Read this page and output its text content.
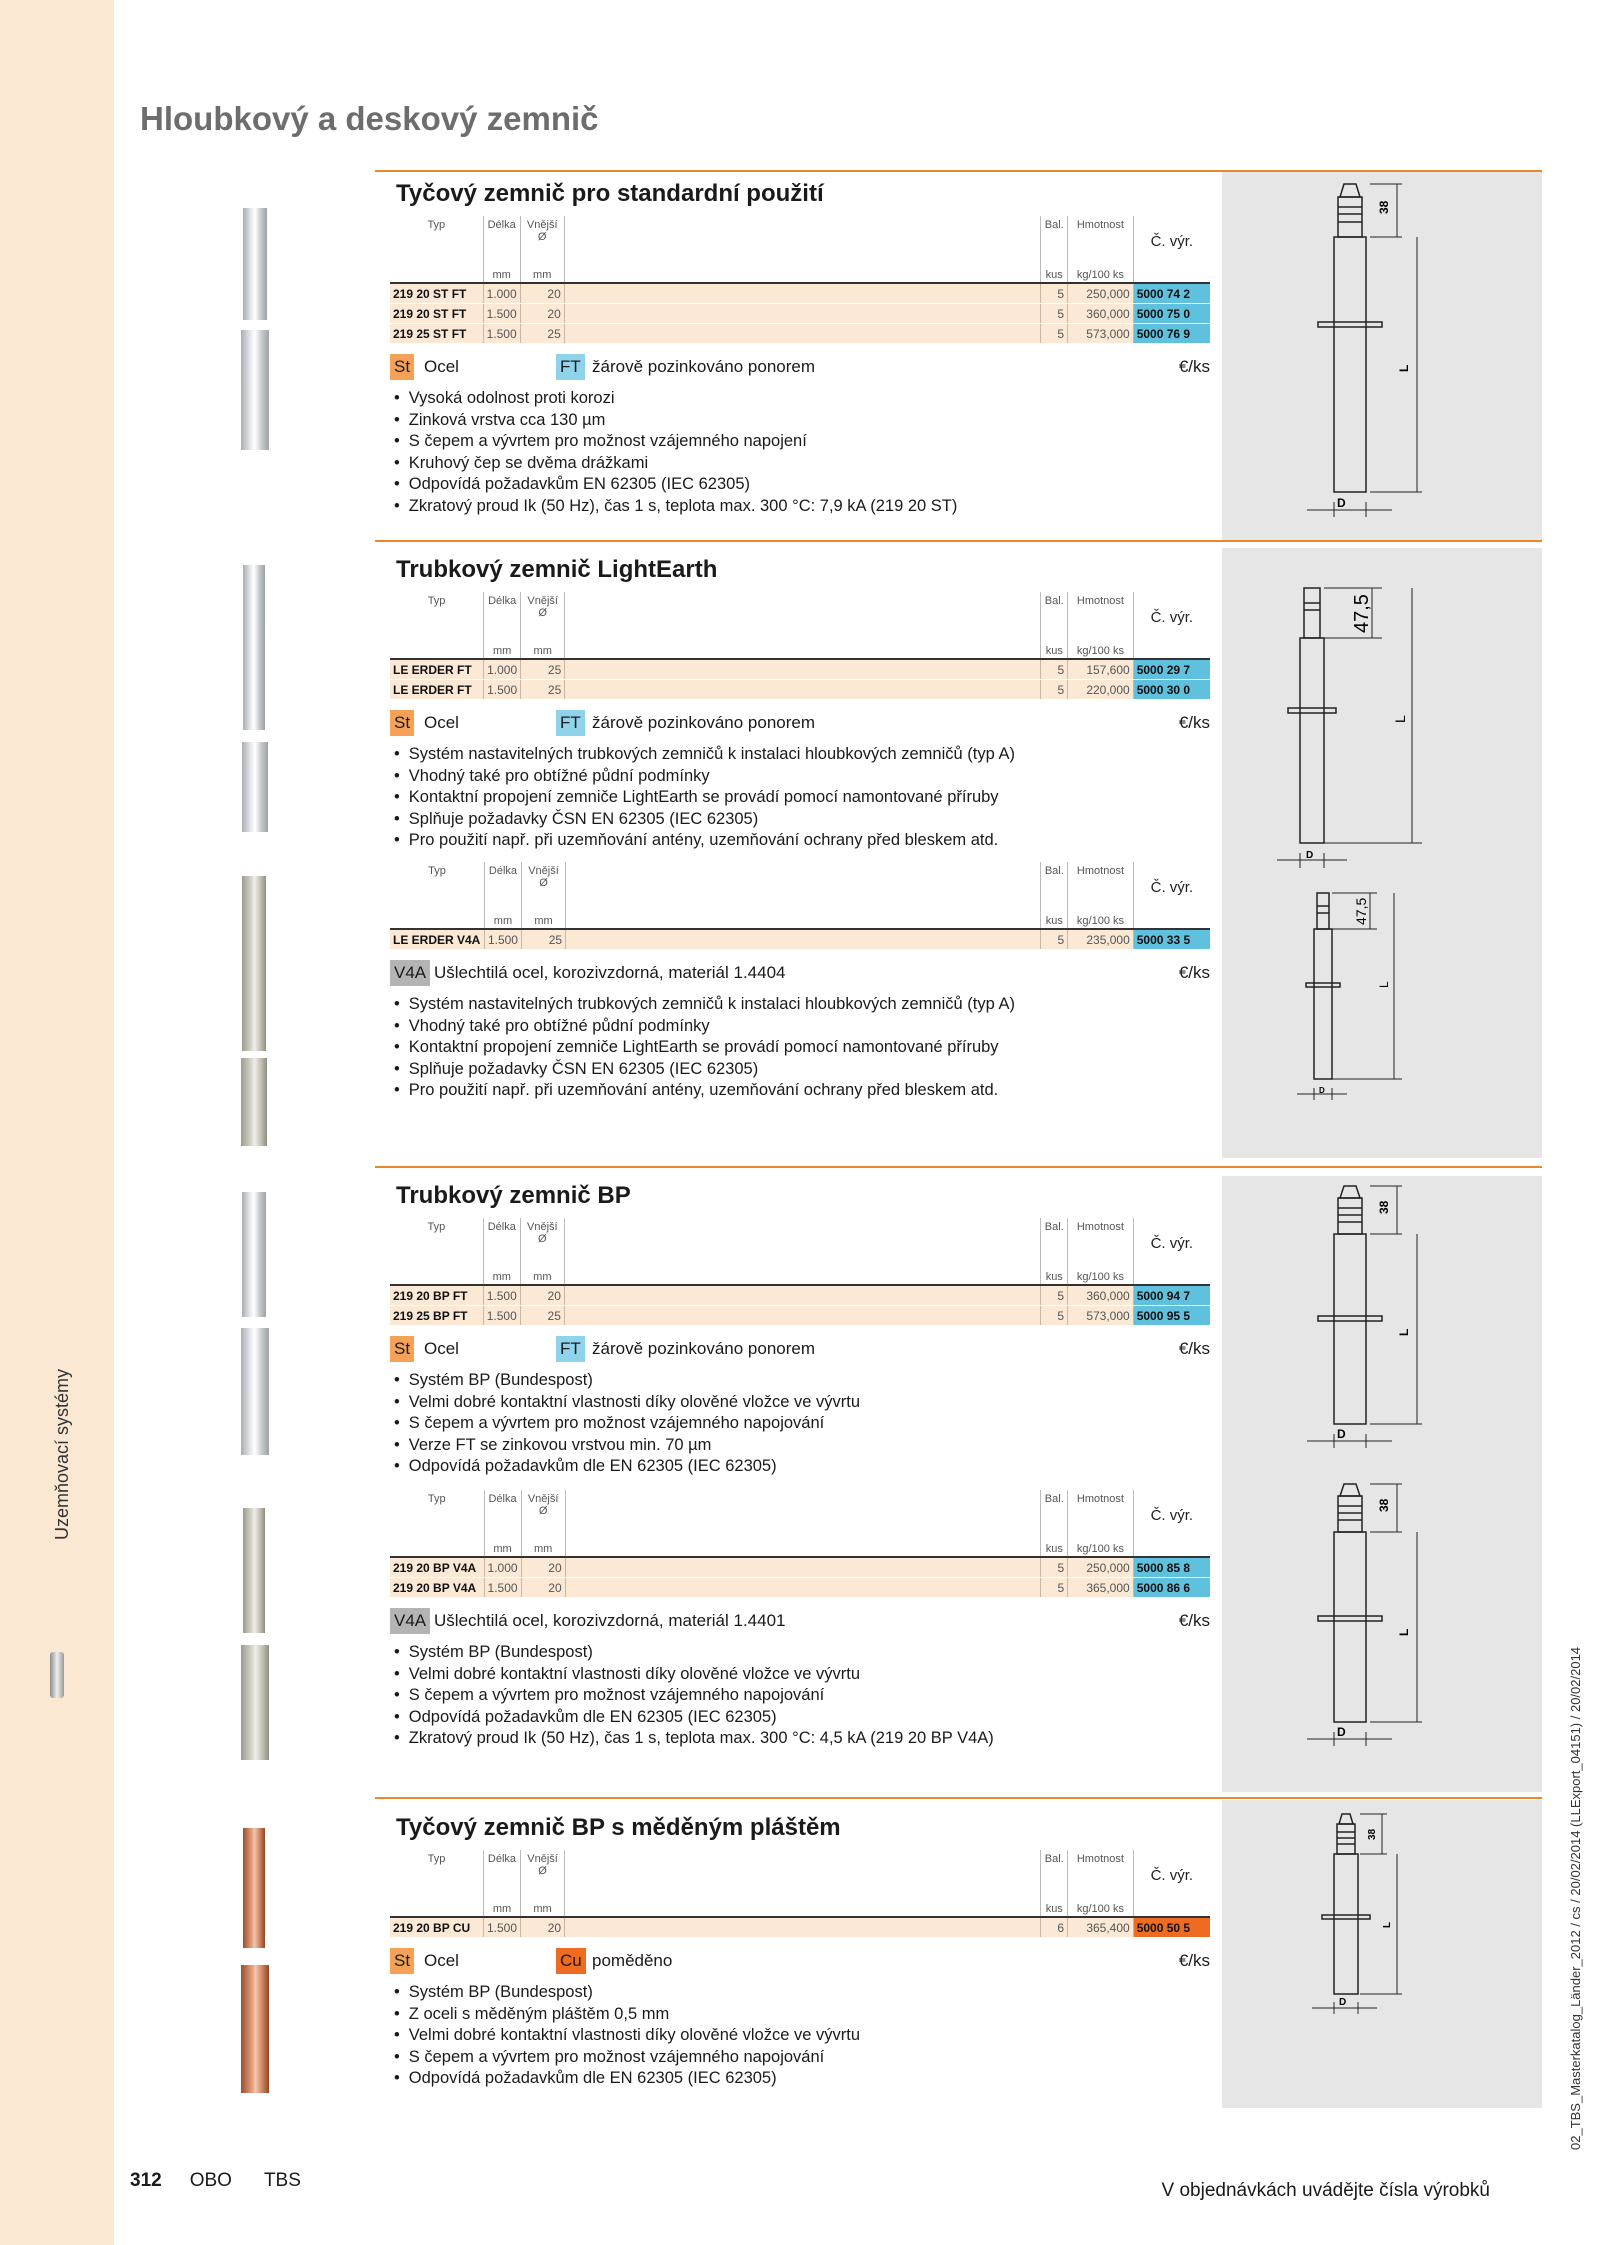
Uzemňovací systémy
Hloubkový a deskový zemnič
Tyčový zemnič pro standardní použití
Typ	Délka	Vnější Ø		Bal.	Hmotnost	Č. výr.
	mm	mm		kus	kg/100 ks	
219 20 ST FT	1.000	20		5	250,000	5000 74 2
219 20 ST FT	1.500	20		5	360,000	5000 75 0
219 25 ST FT	1.500	25		5	573,000	5000 76 9
St Ocel	FT žárově pozinkováno ponorem	€/ks
• Vysoká odolnost proti korozi
• Zinková vrstva cca 130 µm
• S čepem a vývrtem pro možnost vzájemného napojení
• Kruhový čep se dvěma drážkami
• Odpovídá požadavkům EN 62305 (IEC 62305)
• Zkratový proud Ik (50 Hz), čas 1 s, teplota max. 300 °C: 7,9 kA (219 20 ST)
Trubkový zemnič LightEarth
Typ	Délka	Vnější Ø		Bal.	Hmotnost	Č. výr.
	mm	mm		kus	kg/100 ks	
LE ERDER FT	1.000	25		5	157,600	5000 29 7
LE ERDER FT	1.500	25		5	220,000	5000 30 0
St Ocel	FT žárově pozinkováno ponorem	€/ks
• Systém nastavitelných trubkových zemničů k instalaci hloubkových zemničů (typ A)
• Vhodný také pro obtížné půdní podmínky
• Kontaktní propojení zemniče LightEarth se provádí pomocí namontované příruby
• Splňuje požadavky ČSN EN 62305 (IEC 62305)
• Pro použití např. při uzemňování antény, uzemňování ochrany před bleskem atd.
Typ	Délka	Vnější Ø		Bal.	Hmotnost	Č. výr.
	mm	mm		kus	kg/100 ks	
LE ERDER V4A	1.500	25		5	235,000	5000 33 5
V4A Ušlechtilá ocel, korozivzdorná, materiál 1.4404	€/ks
• Systém nastavitelných trubkových zemničů k instalaci hloubkových zemničů (typ A)
• Vhodný také pro obtížné půdní podmínky
• Kontaktní propojení zemniče LightEarth se provádí pomocí namontované příruby
• Splňuje požadavky ČSN EN 62305 (IEC 62305)
• Pro použití např. při uzemňování antény, uzemňování ochrany před bleskem atd.
Trubkový zemnič BP
Typ	Délka	Vnější Ø		Bal.	Hmotnost	Č. výr.
	mm	mm		kus	kg/100 ks	
219 20 BP FT	1.500	20		5	360,000	5000 94 7
219 25 BP FT	1.500	25		5	573,000	5000 95 5
St Ocel	FT žárově pozinkováno ponorem	€/ks
• Systém BP (Bundespost)
• Velmi dobré kontaktní vlastnosti díky olověné vložce ve vývrtu
• S čepem a vývrtem pro možnost vzájemného napojování
• Verze FT se zinkovou vrstvou min. 70 µm
• Odpovídá požadavkům dle EN 62305 (IEC 62305)
Typ	Délka	Vnější Ø		Bal.	Hmotnost	Č. výr.
	mm	mm		kus	kg/100 ks	
219 20 BP V4A	1.000	20		5	250,000	5000 85 8
219 20 BP V4A	1.500	20		5	365,000	5000 86 6
V4A Ušlechtilá ocel, korozivzdorná, materiál 1.4401	€/ks
• Systém BP (Bundespost)
• Velmi dobré kontaktní vlastnosti díky olověné vložce ve vývrtu
• S čepem a vývrtem pro možnost vzájemného napojování
• Odpovídá požadavkům dle EN 62305 (IEC 62305)
• Zkratový proud Ik (50 Hz), čas 1 s, teplota max. 300 °C: 4,5 kA (219 20 BP V4A)
Tyčový zemnič BP s měděným pláštěm
Typ	Délka	Vnější Ø		Bal.	Hmotnost	Č. výr.
	mm	mm		kus	kg/100 ks	
219 20 BP CU	1.500	20		6	365,400	5000 50 5
St Ocel	Cu poměděno	€/ks
• Systém BP (Bundespost)
• Z oceli s měděným pláštěm 0,5 mm
• Velmi dobré kontaktní vlastnosti díky olověné vložce ve vývrtu
• S čepem a vývrtem pro možnost vzájemného napojování
• Odpovídá požadavkům dle EN 62305 (IEC 62305)
38
L
D
47,5
L
D
47,5
L
D
38
L
D
38
L
D
38
L
D
312 OBO TBS	V objednávkách uvádějte čísla výrobků
02_TBS_Masterkatalog_Länder_2012 / cs / 20/02/2014 (LLExport_04151) / 20/02/2014
